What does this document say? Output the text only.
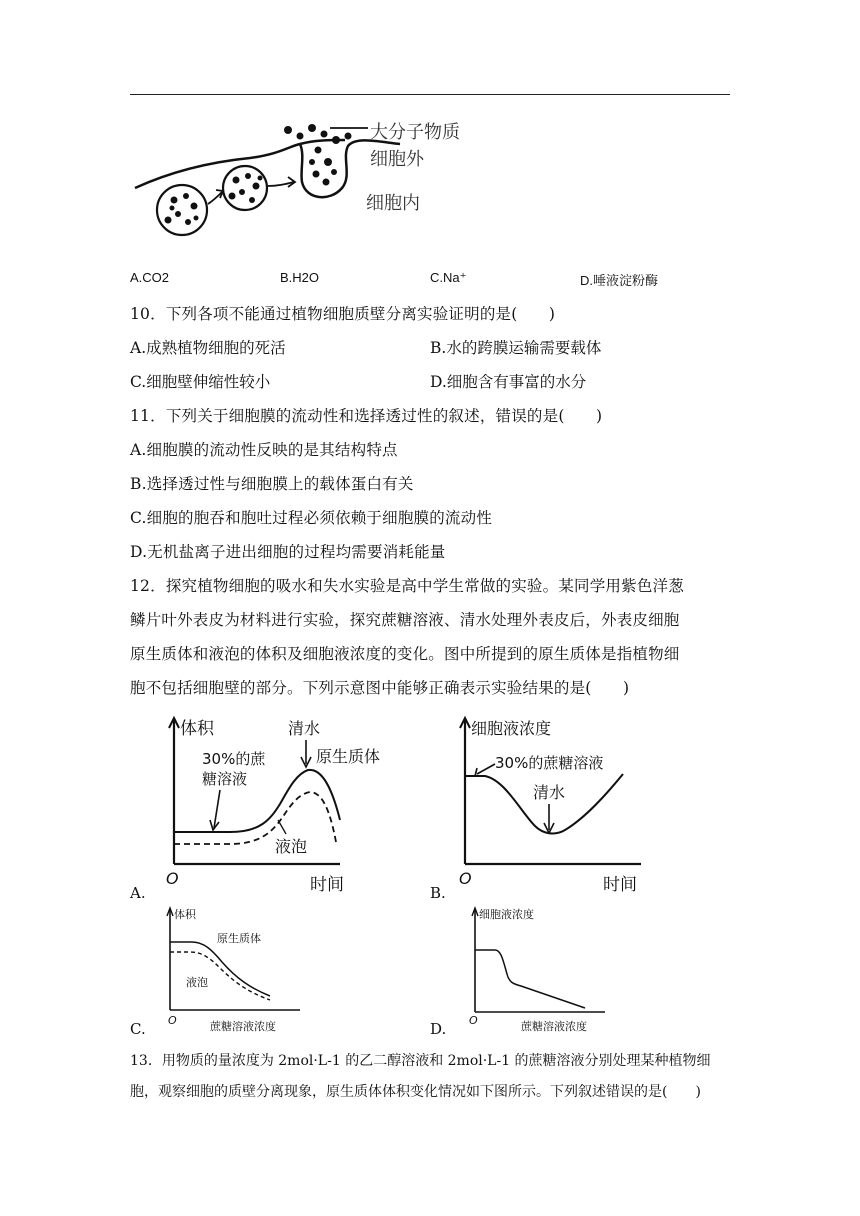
大分子物质
细胞外
细胞内
A.CO2	B.H2O	C.Na⁺	D.唾液淀粉酶
10．下列各项不能通过植物细胞质壁分离实验证明的是(　　)
A.成熟植物细胞的死活	B.水的跨膜运输需要载体
C.细胞壁伸缩性较小	D.细胞含有事富的水分
11．下列关于细胞膜的流动性和选择透过性的叙述，错误的是(　　)
A.细胞膜的流动性反映的是其结构特点
B.选择透过性与细胞膜上的载体蛋白有关
C.细胞的胞吞和胞吐过程必须依赖于细胞膜的流动性
D.无机盐离子进出细胞的过程均需要消耗能量
12．探究植物细胞的吸水和失水实验是高中学生常做的实验。某同学用紫色洋葱
鳞片叶外表皮为材料进行实验，探究蔗糖溶液、清水处理外表皮后，外表皮细胞
原生质体和液泡的体积及细胞液浓度的变化。图中所提到的原生质体是指植物细
胞不包括细胞壁的部分。下列示意图中能够正确表示实验结果的是(　　)
A.
体积
O	时间
30%的蔗
糖溶液
清水
原生质体
液泡
B.
细胞液浓度
O	时间
30%的蔗糖溶液
清水
C.
体积
O	蔗糖溶液浓度
原生质体
液泡
D.
细胞液浓度
O	蔗糖溶液浓度
13．用物质的量浓度为 2mol·L-1 的乙二醇溶液和 2mol·L-1 的蔗糖溶液分别处理某种植物细
胞，观察细胞的质壁分离现象，原生质体体积变化情况如下图所示。下列叙述错误的是(　　)
